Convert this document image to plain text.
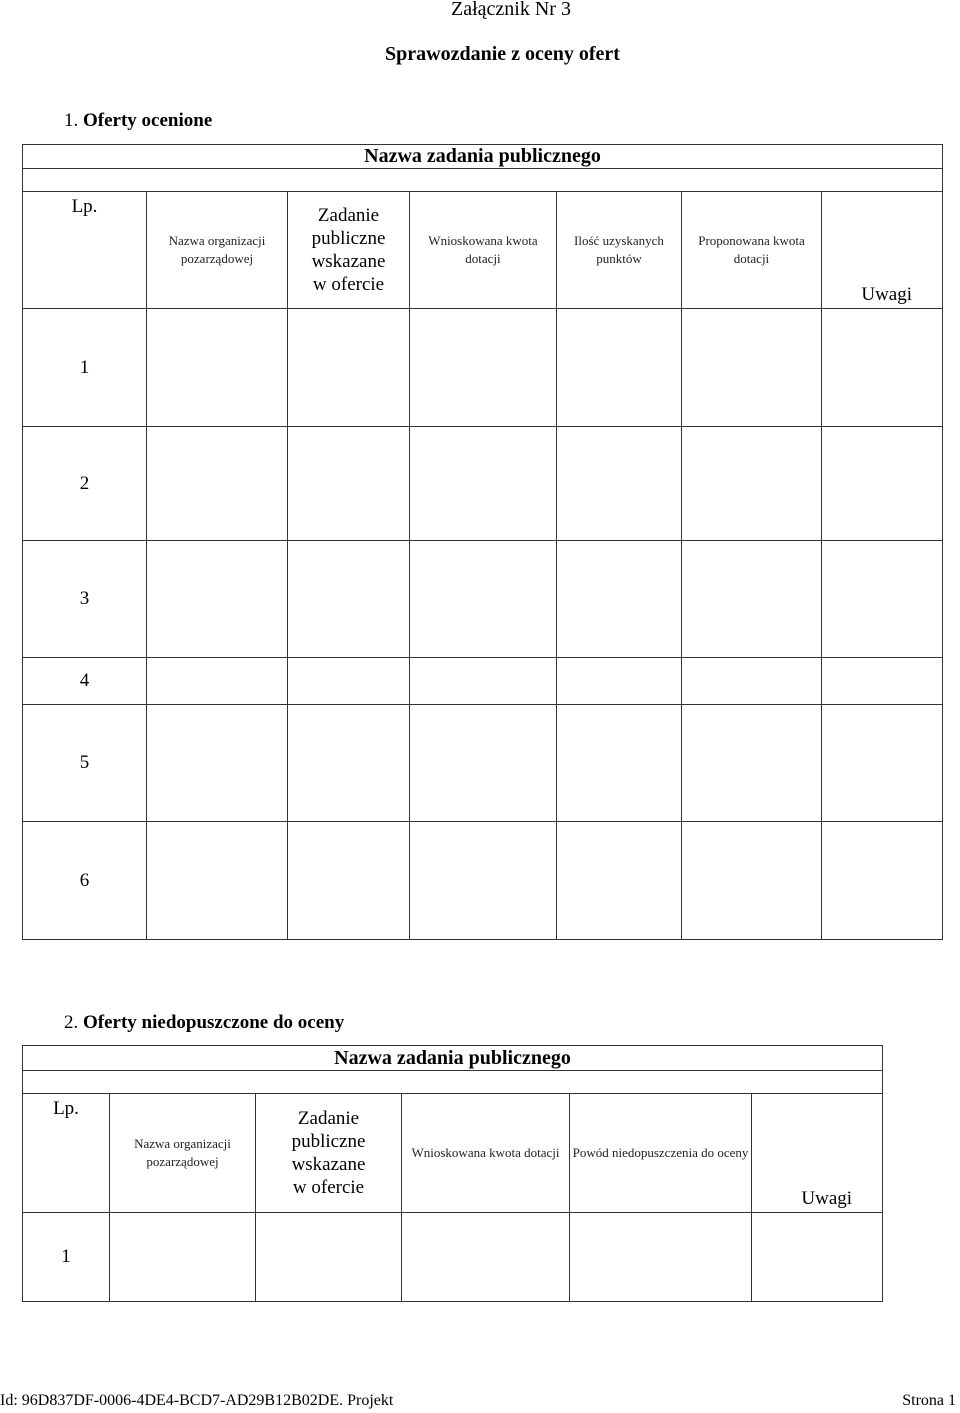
Załącznik Nr 3
Sprawozdanie z oceny ofert
1. Oferty ocenione
Nazwa zadania publicznego						

Lp.	Nazwa organizacji pozarządowej	Zadanie
publiczne
wskazane
w ofercie	Wnioskowana kwota dotacji	Ilość uzyskanych punktów	Proponowana kwota dotacji	Uwagi
1						
2						
3						
4						
5						
6						
2. Oferty niedopuszczone do oceny
Nazwa zadania publicznego					

Lp.	Nazwa organizacji pozarządowej	Zadanie
publiczne
wskazane
w ofercie	Wnioskowana kwota dotacji	Powód niedopuszczenia do oceny	Uwagi
1					
Id: 96D837DF-0006-4DE4-BCD7-AD29B12B02DE. Projekt	Strona 1
